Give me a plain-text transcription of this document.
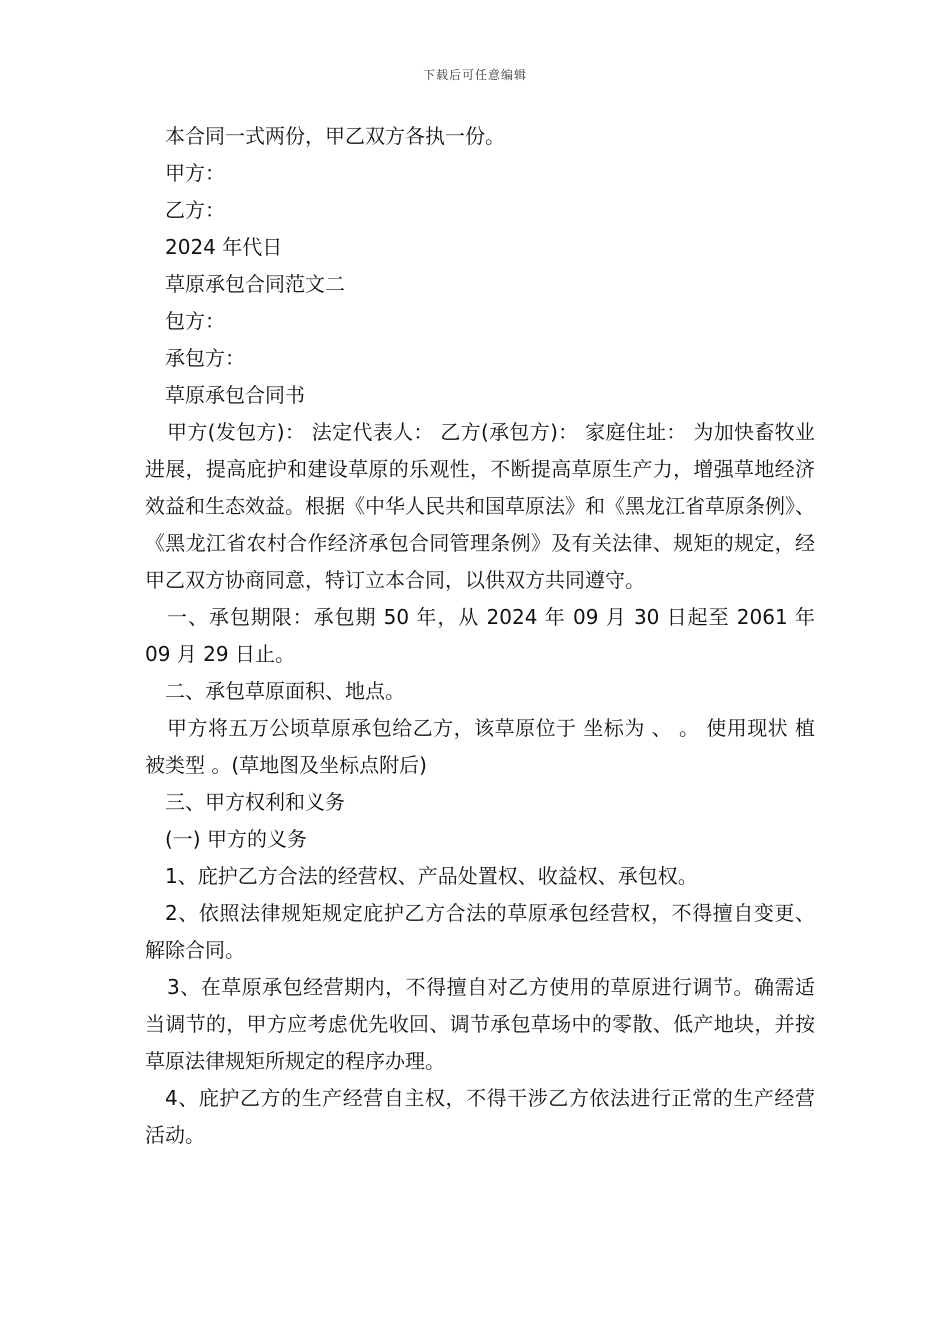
下载后可任意编辑

本合同一式两份，甲乙双方各执一份。

甲方：

乙方：

2024 年代日

草原承包合同范文二

包方：

承包方：

草原承包合同书

甲方(发包方)： 法定代表人： 乙方(承包方)： 家庭住址： 为加快畜牧业进展，提高庇护和建设草原的乐观性，不断提高草原生产力，增强草地经济效益和生态效益。根据《中华人民共和国草原法》和《黑龙江省草原条例》、《黑龙江省农村合作经济承包合同管理条例》及有关法律、规矩的规定，经甲乙双方协商同意，特订立本合同，以供双方共同遵守。

一、承包期限：承包期 50 年，从 2024 年 09 月 30 日起至 2061 年 09 月 29 日止。

二、承包草原面积、地点。

甲方将五万公顷草原承包给乙方，该草原位于 坐标为 、 。 使用现状 植被类型 。(草地图及坐标点附后)

三、甲方权利和义务

(一) 甲方的义务

1、庇护乙方合法的经营权、产品处置权、收益权、承包权。

2、依照法律规矩规定庇护乙方合法的草原承包经营权，不得擅自变更、解除合同。

3、在草原承包经营期内，不得擅自对乙方使用的草原进行调节。确需适当调节的，甲方应考虑优先收回、调节承包草场中的零散、低产地块，并按草原法律规矩所规定的程序办理。

4、庇护乙方的生产经营自主权，不得干涉乙方依法进行正常的生产经营活动。
